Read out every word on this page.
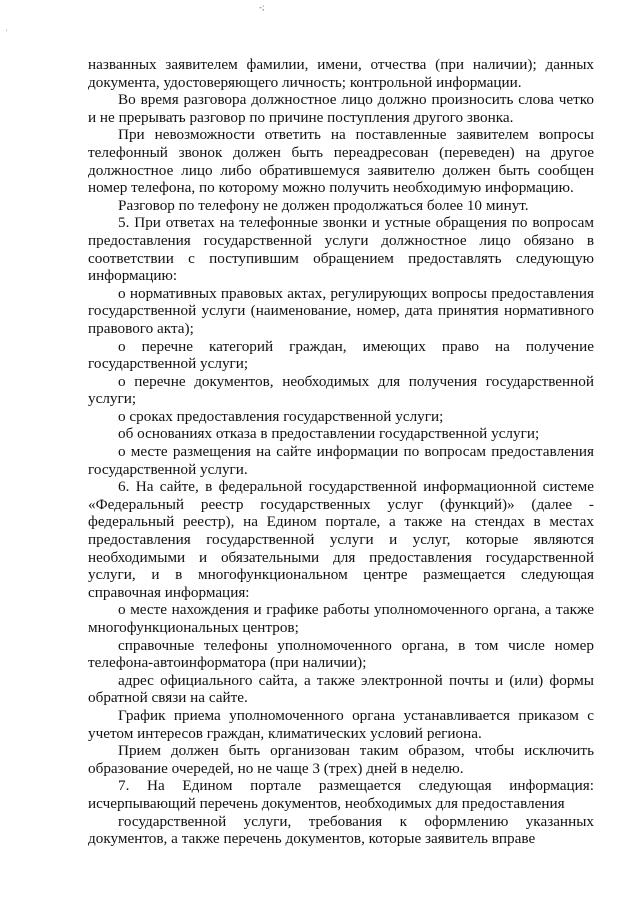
-;
'

названных заявителем фамилии, имени, отчества (при наличии); данных документа, удостоверяющего личность; контрольной информации.

Во время разговора должностное лицо должно произносить слова четко и не прерывать разговор по причине поступления другого звонка.

При невозможности ответить на поставленные заявителем вопросы телефонный звонок должен быть переадресован (переведен) на другое должностное лицо либо обратившемуся заявителю должен быть сообщен номер телефона, по которому можно получить необходимую информацию.

Разговор по телефону не должен продолжаться более 10 минут.

5. При ответах на телефонные звонки и устные обращения по вопросам предоставления государственной услуги должностное лицо обязано в соответствии с поступившим обращением предоставлять следующую информацию:

о нормативных правовых актах, регулирующих вопросы предоставления государственной услуги (наименование, номер, дата принятия нормативного правового акта);

о перечне категорий граждан, имеющих право на получение государственной услуги;

о перечне документов, необходимых для получения государственной услуги;

о сроках предоставления государственной услуги;

об основаниях отказа в предоставлении государственной услуги;

о месте размещения на сайте информации по вопросам предоставления государственной услуги.

6. На сайте, в федеральной государственной информационной системе «Федеральный реестр государственных услуг (функций)» (далее - федеральный реестр), на Едином портале, а также на стендах в местах предоставления государственной услуги и услуг, которые являются необходимыми и обязательными для предоставления государственной услуги, и в многофункциональном центре размещается следующая справочная информация:

о месте нахождения и графике работы уполномоченного органа, а также многофункциональных центров;

справочные телефоны уполномоченного органа, в том числе номер телефона-автоинформатора (при наличии);

адрес официального сайта, а также электронной почты и (или) формы обратной связи на сайте.

График приема уполномоченного органа устанавливается приказом с учетом интересов граждан, климатических условий региона.

Прием должен быть организован таким образом, чтобы исключить образование очередей, но не чаще 3 (трех) дней в неделю.

7. На Едином портале размещается следующая информация: исчерпывающий перечень документов, необходимых для предоставления

государственной услуги, требования к оформлению указанных документов, а также перечень документов, которые заявитель вправе
